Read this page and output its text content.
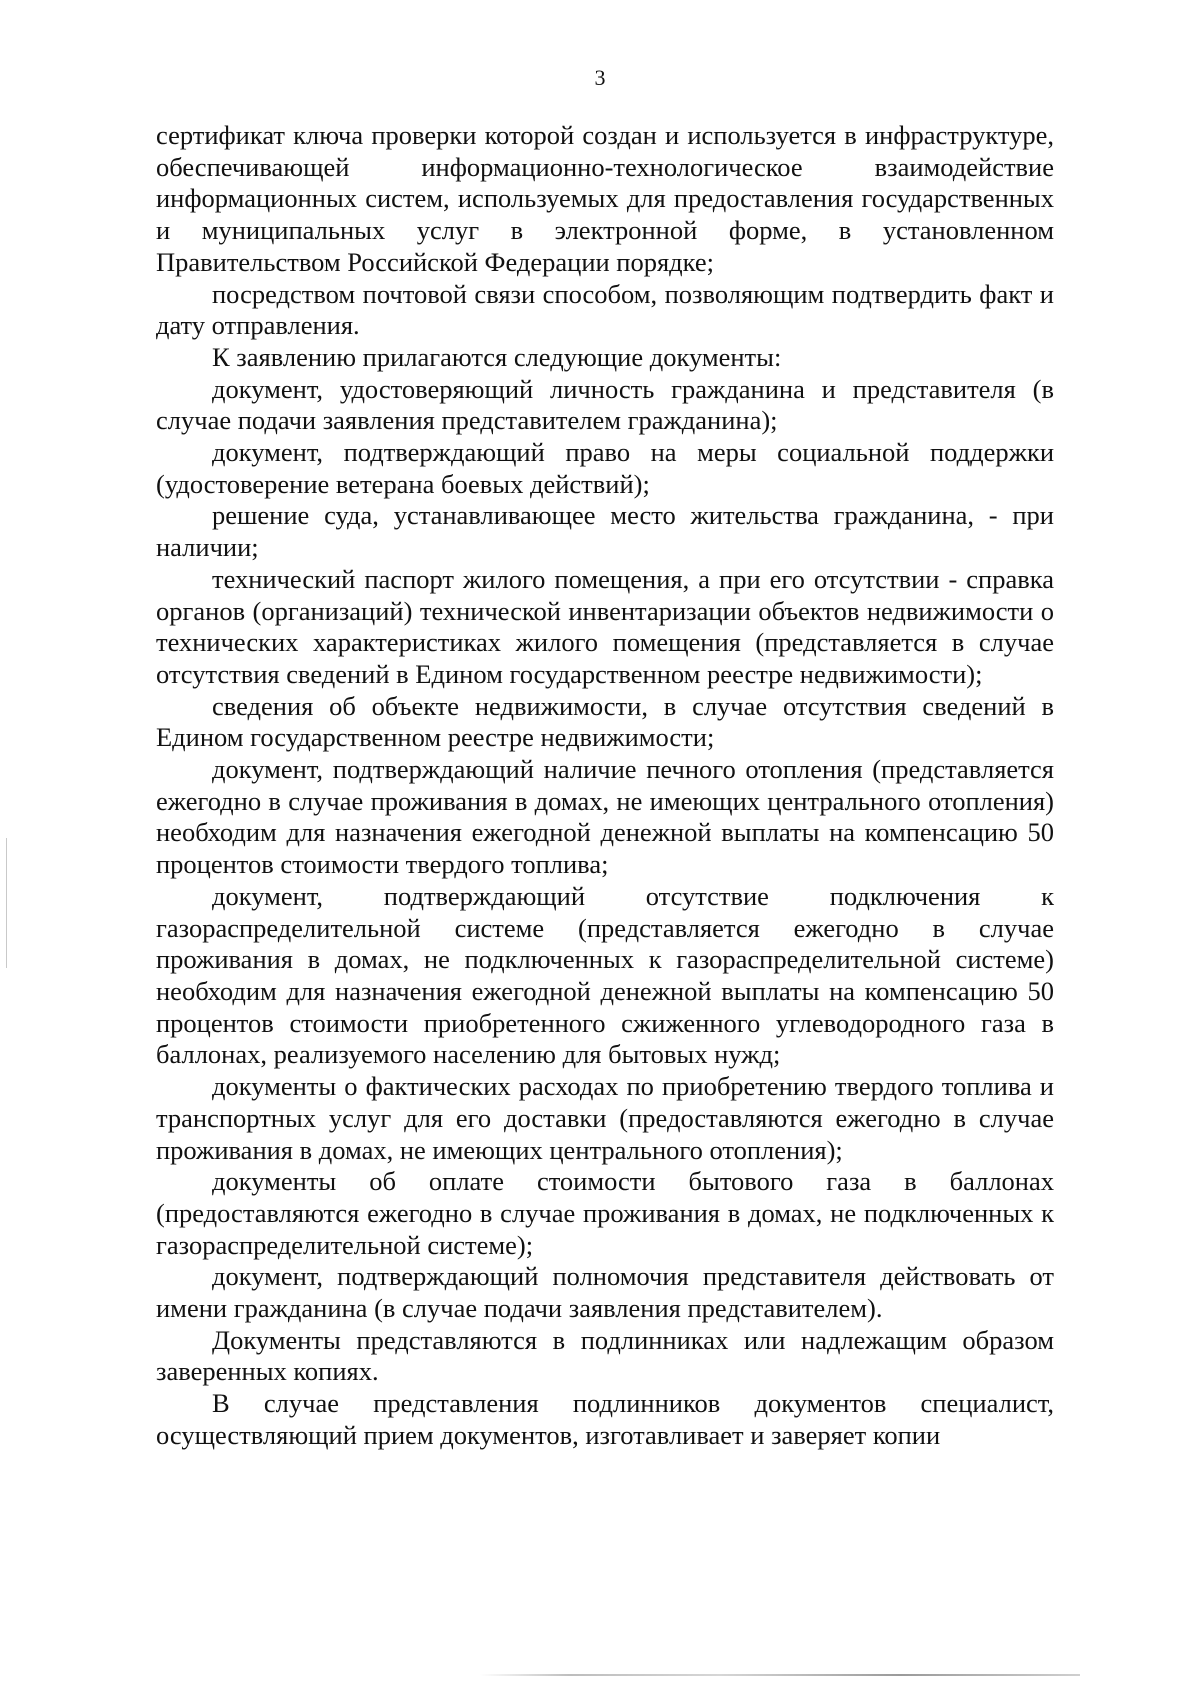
3

сертификат ключа проверки которой создан и используется в инфраструктуре, обеспечивающей информационно-технологическое взаимодействие информационных систем, используемых для предоставления государственных и муниципальных услуг в электронной форме, в установленном Правительством Российской Федерации порядке;

посредством почтовой связи способом, позволяющим подтвердить факт и дату отправления.

К заявлению прилагаются следующие документы:

документ, удостоверяющий личность гражданина и представителя (в случае подачи заявления представителем гражданина);

документ, подтверждающий право на меры социальной поддержки (удостоверение ветерана боевых действий);

решение суда, устанавливающее место жительства гражданина, - при наличии;

технический паспорт жилого помещения, а при его отсутствии - справка органов (организаций) технической инвентаризации объектов недвижимости о технических характеристиках жилого помещения (представляется в случае отсутствия сведений в Едином государственном реестре недвижимости);

сведения об объекте недвижимости, в случае отсутствия сведений в Едином государственном реестре недвижимости;

документ, подтверждающий наличие печного отопления (представляется ежегодно в случае проживания в домах, не имеющих центрального отопления) необходим для назначения ежегодной денежной выплаты на компенсацию 50 процентов стоимости твердого топлива;

документ, подтверждающий отсутствие подключения к газораспределительной системе (представляется ежегодно в случае проживания в домах, не подключенных к газораспределительной системе) необходим для назначения ежегодной денежной выплаты на компенсацию 50 процентов стоимости приобретенного сжиженного углеводородного газа в баллонах, реализуемого населению для бытовых нужд;

документы о фактических расходах по приобретению твердого топлива и транспортных услуг для его доставки (предоставляются ежегодно в случае проживания в домах, не имеющих центрального отопления);

документы об оплате стоимости бытового газа в баллонах (предоставляются ежегодно в случае проживания в домах, не подключенных к газораспределительной системе);

документ, подтверждающий полномочия представителя действовать от имени гражданина (в случае подачи заявления представителем).

Документы представляются в подлинниках или надлежащим образом заверенных копиях.

В случае представления подлинников документов специалист, осуществляющий прием документов, изготавливает и заверяет копии
